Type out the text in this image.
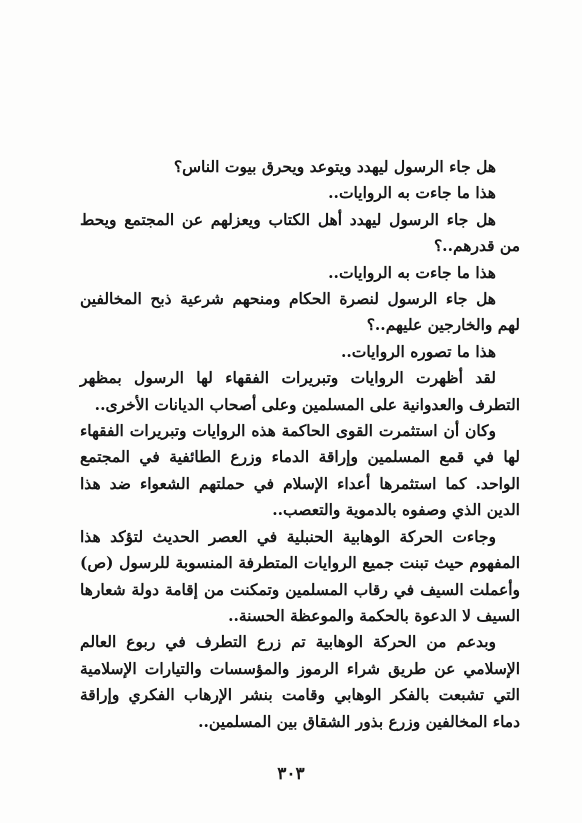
هل جاء الرسول ليهدد ويتوعد ويحرق بيوت الناس؟

هذا ما جاءت به الروايات..

هل جاء الرسول ليهدد أهل الكتاب ويعزلهم عن المجتمع ويحط من قدرهم..؟

هذا ما جاءت به الروايات..

هل جاء الرسول لنصرة الحكام ومنحهم شرعية ذبح المخالفين لهم والخارجين عليهم..؟

هذا ما تصوره الروايات..

لقد أظهرت الروايات وتبريرات الفقهاء لها الرسول بمظهر التطرف والعدوانية على المسلمين وعلى أصحاب الديانات الأخرى..

وكان أن استثمرت القوى الحاكمة هذه الروايات وتبريرات الفقهاء لها في قمع المسلمين وإراقة الدماء وزرع الطائفية في المجتمع الواحد. كما استثمرها أعداء الإسلام في حملتهم الشعواء ضد هذا الدين الذي وصفوه بالدموية والتعصب..

وجاءت الحركة الوهابية الحنبلية في العصر الحديث لتؤكد هذا المفهوم حيث تبنت جميع الروايات المتطرفة المنسوبة للرسول (ص) وأعملت السيف في رقاب المسلمين وتمكنت من إقامة دولة شعارها السيف لا الدعوة بالحكمة والموعظة الحسنة..

وبدعم من الحركة الوهابية تم زرع التطرف في ربوع العالم الإسلامي عن طريق شراء الرموز والمؤسسات والتيارات الإسلامية التي تشبعت بالفكر الوهابي وقامت بنشر الإرهاب الفكري وإراقة دماء المخالفين وزرع بذور الشقاق بين المسلمين..

٣٠٣
